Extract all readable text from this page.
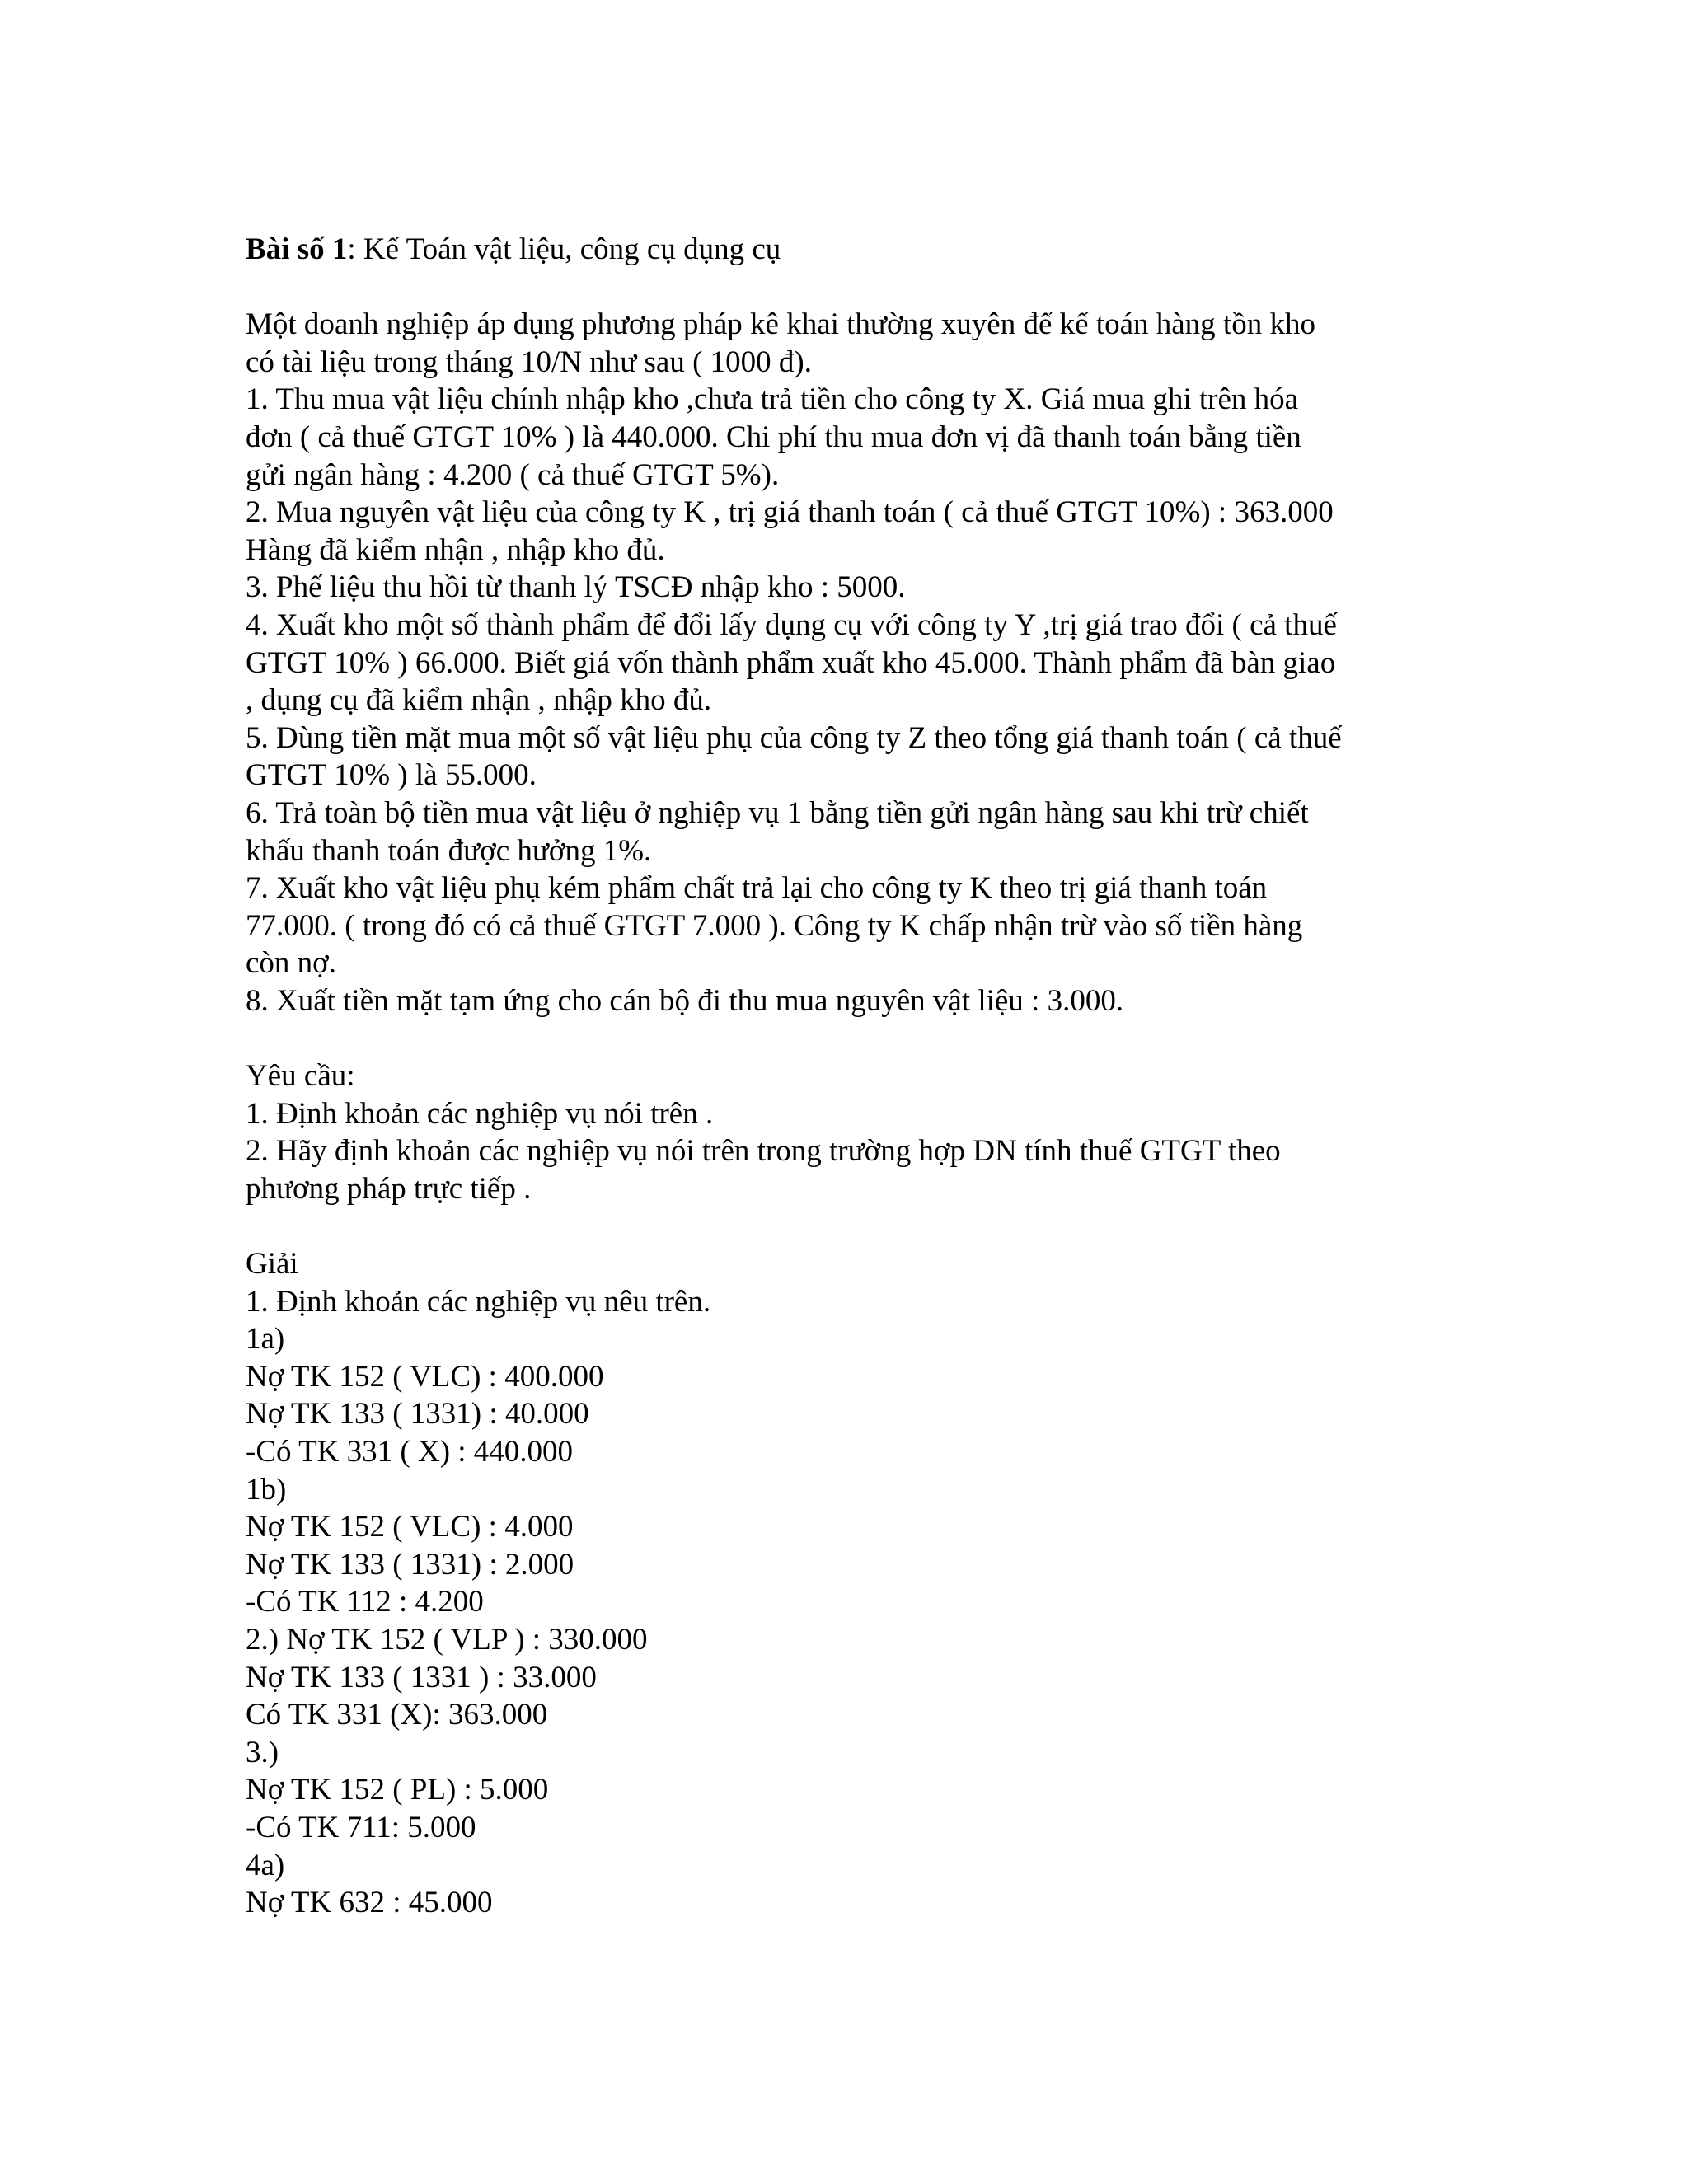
Bài số 1: Kế Toán vật liệu, công cụ dụng cụ
Một doanh nghiệp áp dụng phương pháp kê khai thường xuyên để kế toán hàng tồn kho
có tài liệu trong tháng 10/N như sau ( 1000 đ).
1. Thu mua vật liệu chính nhập kho ,chưa trả tiền cho công ty X. Giá mua ghi trên hóa
đơn ( cả thuế GTGT 10% ) là 440.000. Chi phí thu mua đơn vị đã thanh toán bằng tiền
gửi ngân hàng : 4.200 ( cả thuế GTGT 5%).
2. Mua nguyên vật liệu của công ty K , trị giá thanh toán ( cả thuế GTGT 10%) : 363.000
Hàng đã kiểm nhận , nhập kho đủ.
3. Phế liệu thu hồi từ thanh lý TSCĐ nhập kho : 5000.
4. Xuất kho một số thành phẩm để đổi lấy dụng cụ với công ty Y ,trị giá trao đổi ( cả thuế
GTGT 10% ) 66.000. Biết giá vốn thành phẩm xuất kho 45.000. Thành phẩm đã bàn giao
, dụng cụ đã kiểm nhận , nhập kho đủ.
5. Dùng tiền mặt mua một số vật liệu phụ của công ty Z theo tổng giá thanh toán ( cả thuế
GTGT 10% ) là 55.000.
6. Trả toàn bộ tiền mua vật liệu ở nghiệp vụ 1 bằng tiền gửi ngân hàng sau khi trừ chiết
khấu thanh toán được hưởng 1%.
7. Xuất kho vật liệu phụ kém phẩm chất trả lại cho công ty K theo trị giá thanh toán
77.000. ( trong đó có cả thuế GTGT 7.000 ). Công ty K chấp nhận trừ vào số tiền hàng
còn nợ.
8. Xuất tiền mặt tạm ứng cho cán bộ đi thu mua nguyên vật liệu : 3.000.
Yêu cầu:
1. Định khoản các nghiệp vụ nói trên .
2. Hãy định khoản các nghiệp vụ nói trên trong trường hợp DN tính thuế GTGT theo
phương pháp trực tiếp .
Giải
1. Định khoản các nghiệp vụ nêu trên.
1a)
Nợ TK 152 ( VLC) : 400.000
Nợ TK 133 ( 1331) : 40.000
-Có TK 331 ( X) : 440.000
1b)
Nợ TK 152 ( VLC) : 4.000
Nợ TK 133 ( 1331) : 2.000
-Có TK 112 : 4.200
2.) Nợ TK 152 ( VLP ) : 330.000
Nợ TK 133 ( 1331 ) : 33.000
Có TK 331 (X): 363.000
3.)
Nợ TK 152 ( PL) : 5.000
-Có TK 711: 5.000
4a)
Nợ TK 632 : 45.000
